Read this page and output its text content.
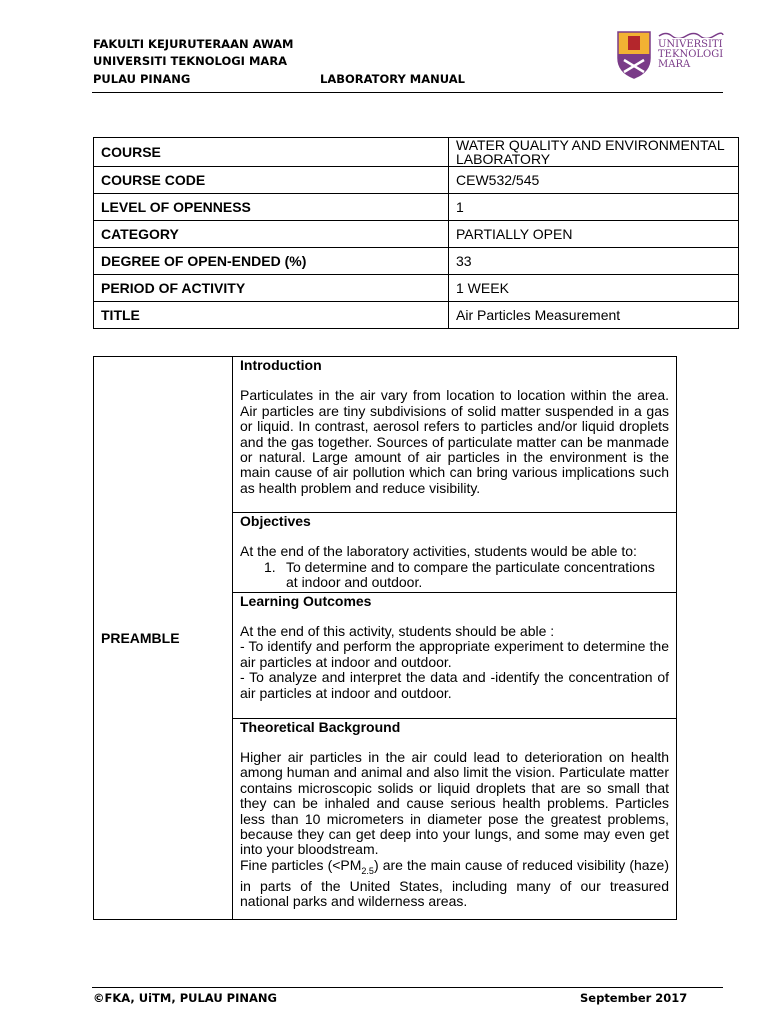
FAKULTI KEJURUTERAAN AWAM
UNIVERSITI TEKNOLOGI MARA
PULAU PINANG	LABORATORY MANUAL
UNIVERSITI
TEKNOLOGI
MARA
COURSE	WATER QUALITY AND ENVIRONMENTAL LABORATORY
COURSE CODE	CEW532/545
LEVEL OF OPENNESS	1
CATEGORY	PARTIALLY OPEN
DEGREE OF OPEN-ENDED (%)	33
PERIOD OF ACTIVITY	1 WEEK
TITLE	Air Particles Measurement
PREAMBLE	
Introduction

Particulates in the air vary from location to location within the area. Air particles are tiny subdivisions of solid matter suspended in a gas or liquid. In contrast, aerosol refers to particles and/or liquid droplets and the gas together. Sources of particulate matter can be manmade or natural. Large amount of air particles in the environment is the main cause of air pollution which can bring various implications such as health problem and reduce visibility.

Objectives

At the end of the laboratory activities, students would be able to:

1. To determine and to compare the particulate concentrations at indoor and outdoor.

Learning Outcomes

At the end of this activity, students should be able :

- To identify and perform the appropriate experiment to determine the air particles at indoor and outdoor.

- To analyze and interpret the data and -identify the concentration of air particles at indoor and outdoor.

Theoretical Background

Higher air particles in the air could lead to deterioration on health among human and animal and also limit the vision. Particulate matter contains microscopic solids or liquid droplets that are so small that they can be inhaled and cause serious health problems. Particles less than 10 micrometers in diameter pose the greatest problems, because they can get deep into your lungs, and some may even get into your bloodstream.

Fine particles $(<PM_{2.5})$ are the main cause of reduced visibility (haze) in parts of the United States, including many of our treasured national parks and wilderness areas.

©FKA, UiTM, PULAU PINANG	September 2017
